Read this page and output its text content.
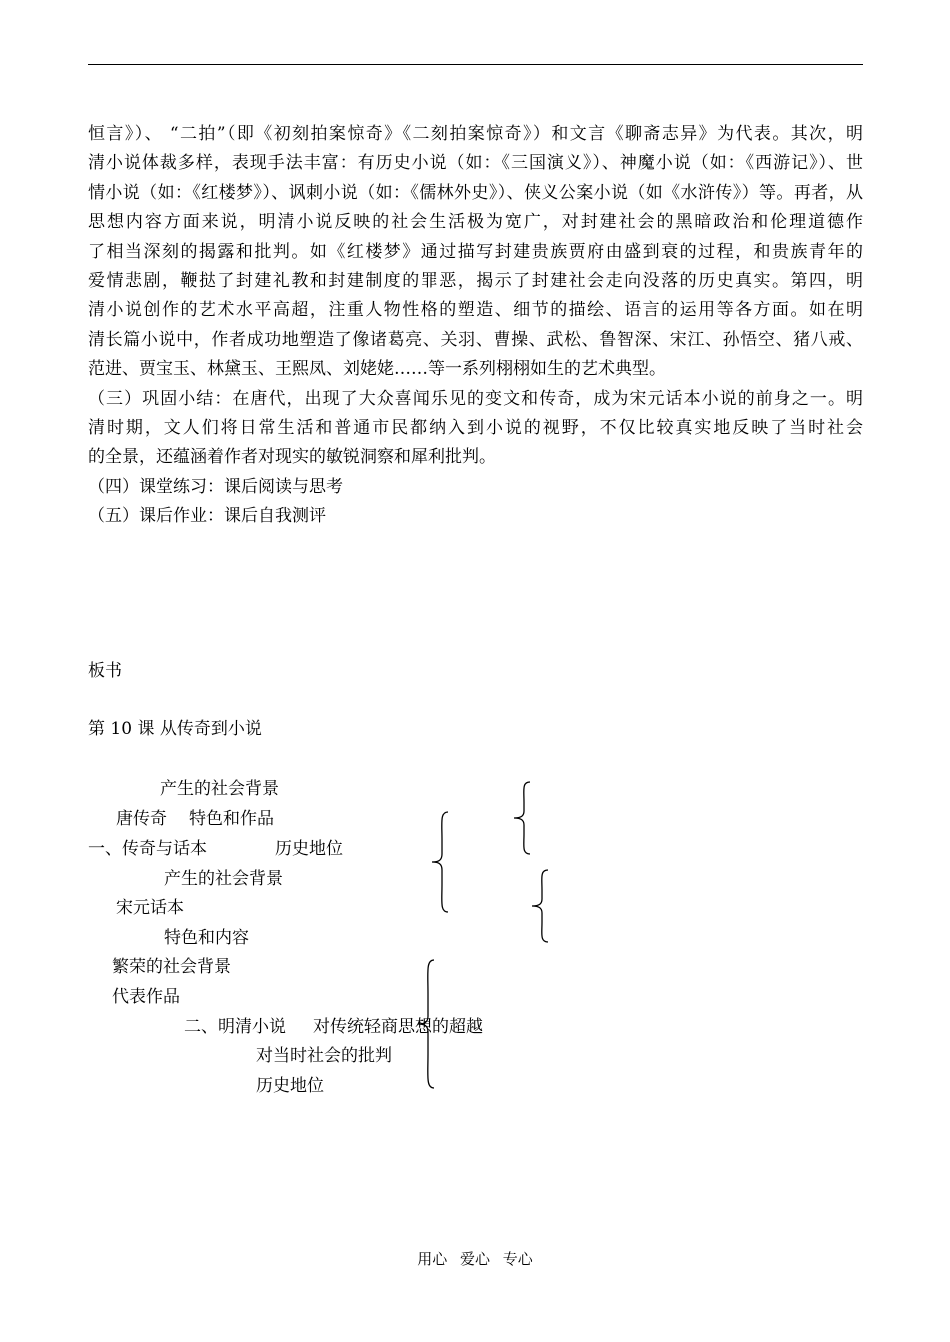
恒言》）、 “二拍”（即《初刻拍案惊奇》《二刻拍案惊奇》）和文言《聊斋志异》为代表。其次，明
清小说体裁多样，表现手法丰富：有历史小说（如：《三国演义》）、神魔小说（如：《西游记》）、世
情小说（如：《红楼梦》）、讽刺小说（如：《儒林外史》）、侠义公案小说（如《水浒传》）等。再者，从
思想内容方面来说，明清小说反映的社会生活极为宽广，对封建社会的黑暗政治和伦理道德作
了相当深刻的揭露和批判。如《红楼梦》通过描写封建贵族贾府由盛到衰的过程，和贵族青年的
爱情悲剧，鞭挞了封建礼教和封建制度的罪恶，揭示了封建社会走向没落的历史真实。第四，明
清小说创作的艺术水平高超，注重人物性格的塑造、细节的描绘、语言的运用等各方面。如在明
清长篇小说中，作者成功地塑造了像诸葛亮、关羽、曹操、武松、鲁智深、宋江、孙悟空、猪八戒、
范进、贾宝玉、林黛玉、王熙凤、刘姥姥……等一系列栩栩如生的艺术典型。
（三）巩固小结：在唐代，出现了大众喜闻乐见的变文和传奇，成为宋元话本小说的前身之一。明
清时期，文人们将日常生活和普通市民都纳入到小说的视野，不仅比较真实地反映了当时社会
的全景，还蕴涵着作者对现实的敏锐洞察和犀利批判。
（四）课堂练习：课后阅读与思考
（五）课后作业：课后自我测评
板书
第 10 课 从传奇到小说
产生的社会背景
唐传奇 特色和作品
一、传奇与话本	历史地位
产生的社会背景
宋元话本
特色和内容
繁荣的社会背景
代表作品
二、明清小说 对传统轻商思想的超越
对当时社会的批判
历史地位
用心 爱心 专心
